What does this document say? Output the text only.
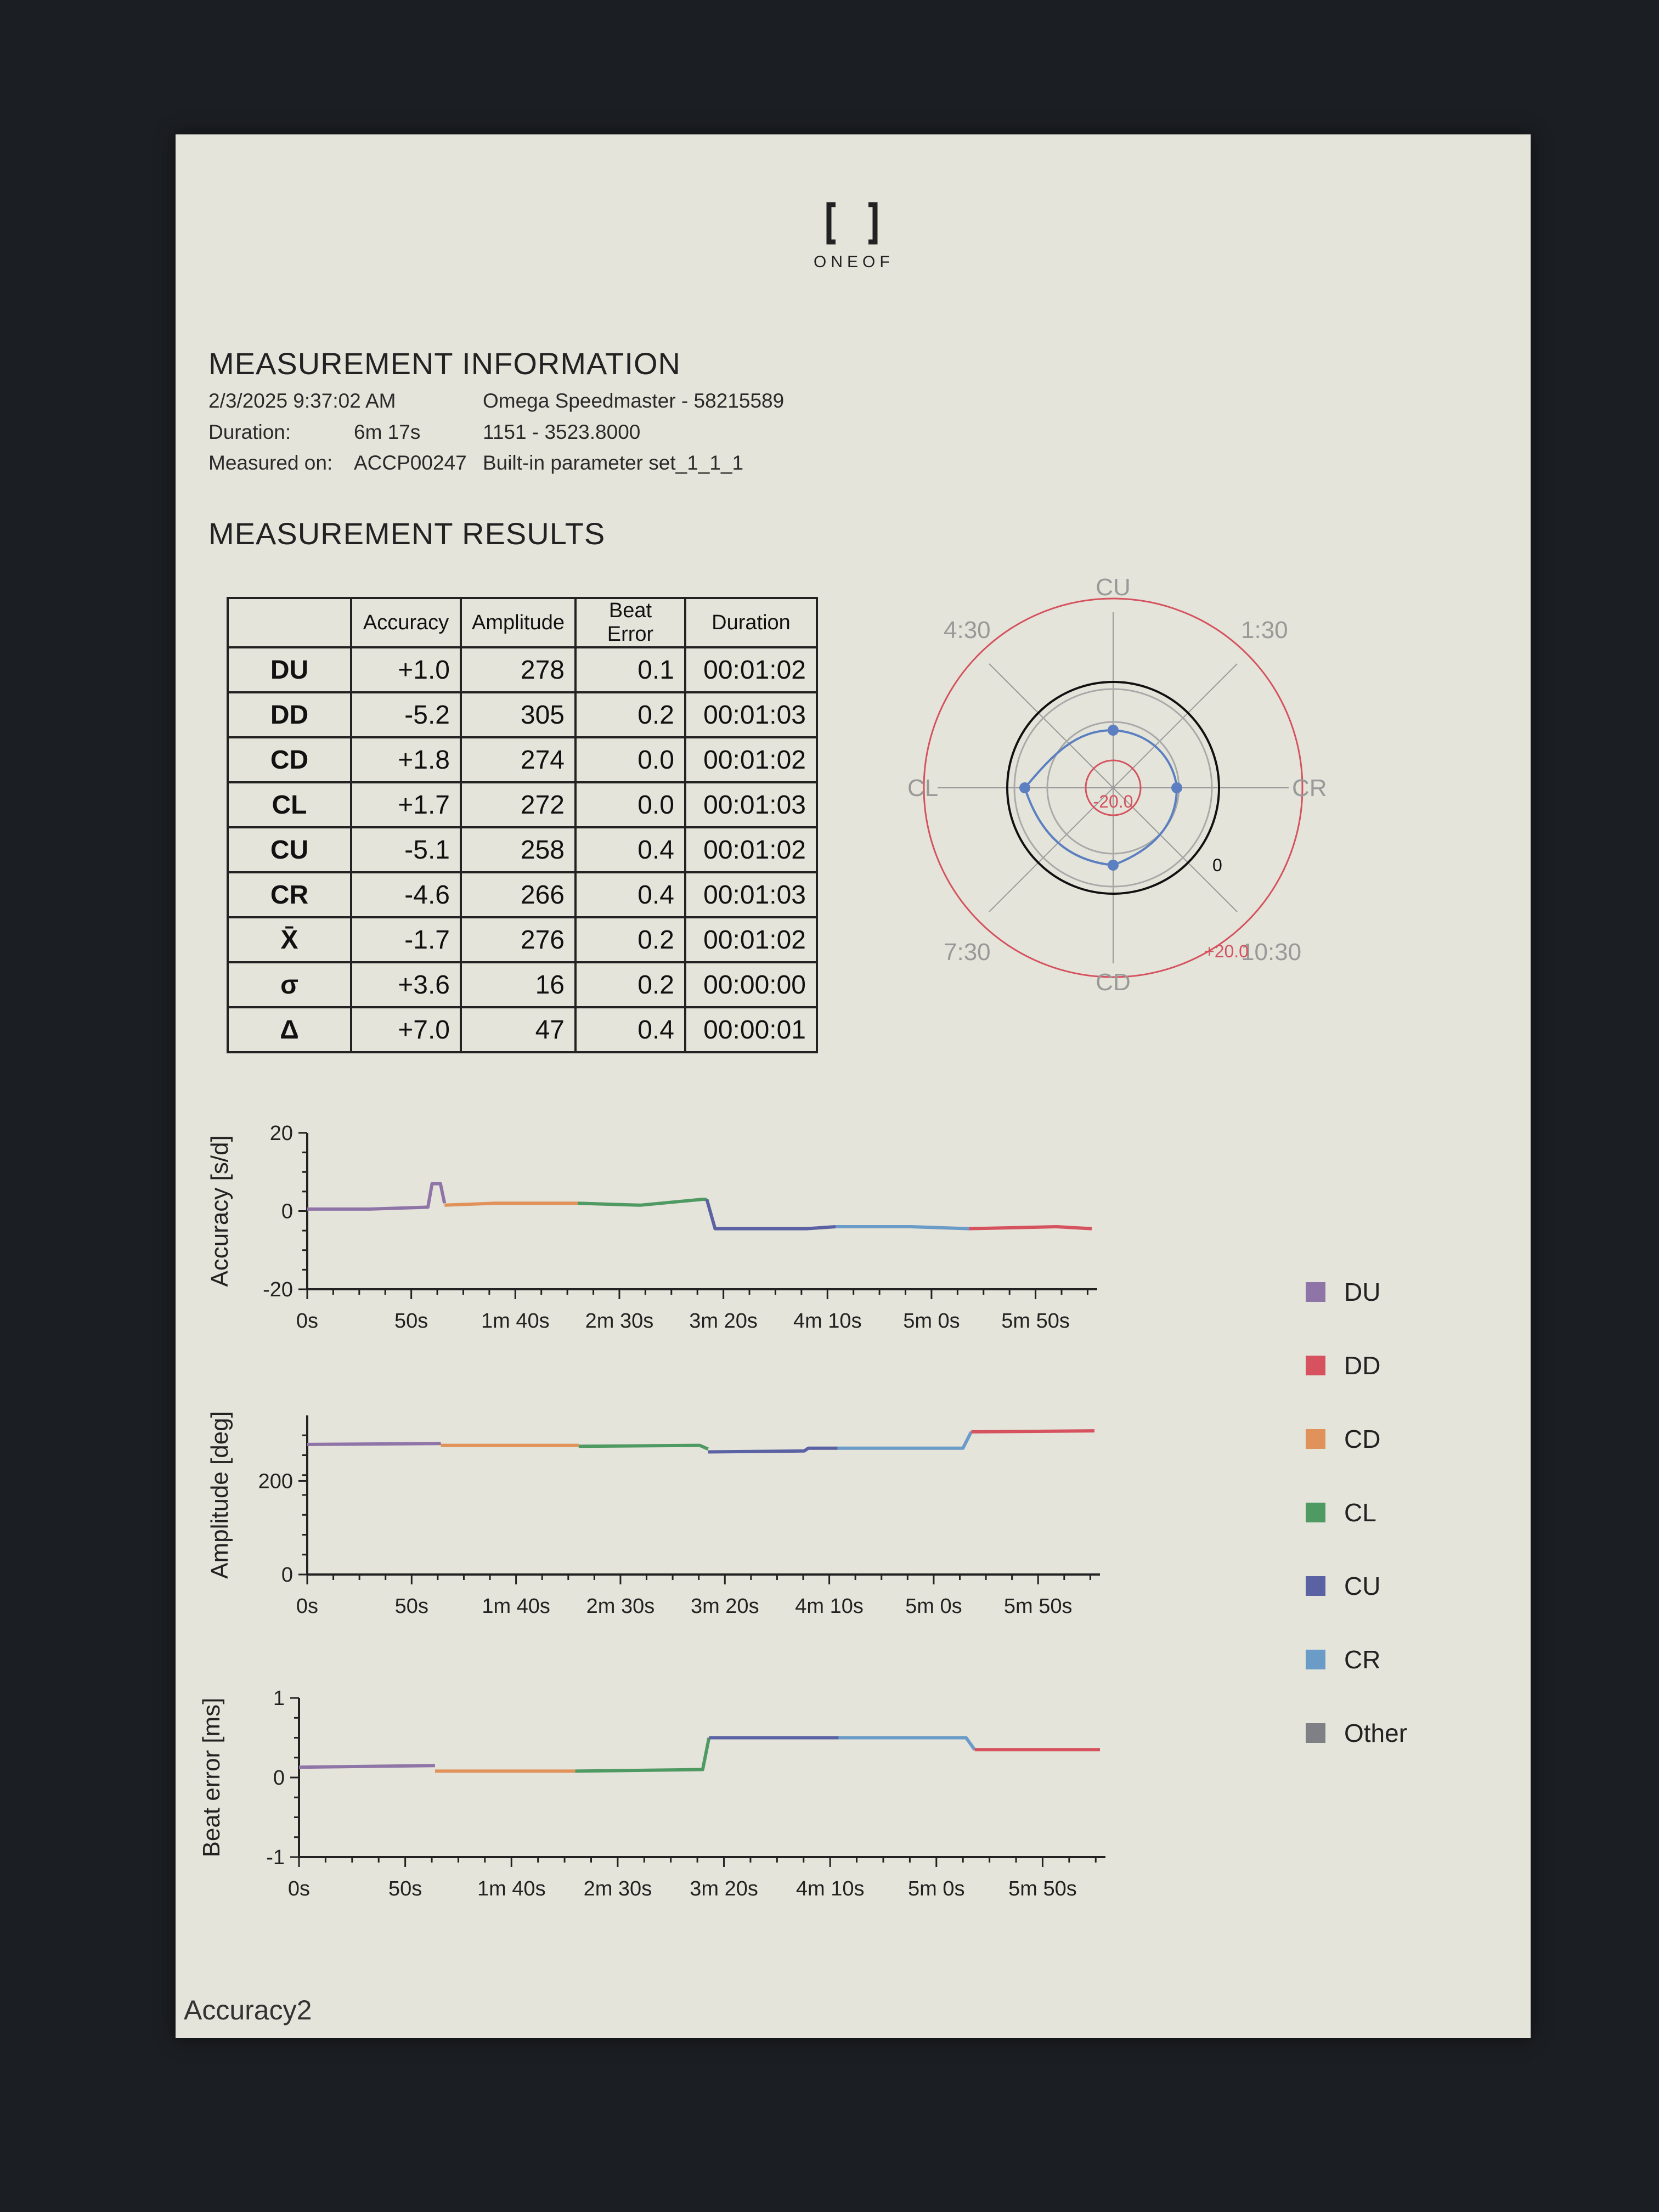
ONEOF
MEASUREMENT INFORMATION
2/3/2025 9:37:02 AM	Omega Speedmaster - 58215589
Duration:	6m 17s	1151 - 3523.8000
Measured on: ACCP00247 Built-in parameter set_1_1_1
MEASUREMENT RESULTS
	Accuracy	Amplitude	Beat Error	Duration
DU	+1.0	278	0.1	00:01:02
DD	-5.2	305	0.2	00:01:03
CD	+1.8	274	0.0	00:01:02
CL	+1.7	272	0.0	00:01:03
CU	-5.1	258	0.4	00:01:02
CR	-4.6	266	0.4	00:01:03
X̄	-1.7	276	0.2	00:01:02
σ	+3.6	16	0.2	00:00:00
Δ	+7.0	47	0.4	00:00:01
CU
CD
CL	CR
4:30	1:30
7:30	10:30
-20.0
0
+20.0
0s	50s	1m 40s 2m 30s 3m 20s 4m 10s 5m 0s 5m 50s
20
0
-20
Accuracy [s/d]
0s	50s	1m 40s 2m 30s 3m 20s 4m 10s 5m 0s 5m 50s
200
0
Amplitude [deg]
0s	50s	1m 40s 2m 30s 3m 20s 4m 10s 5m 0s 5m 50s
1
0
-1
Beat error [ms]
DU
DD
CD
CL
CU
CR
Other
Accuracy2
